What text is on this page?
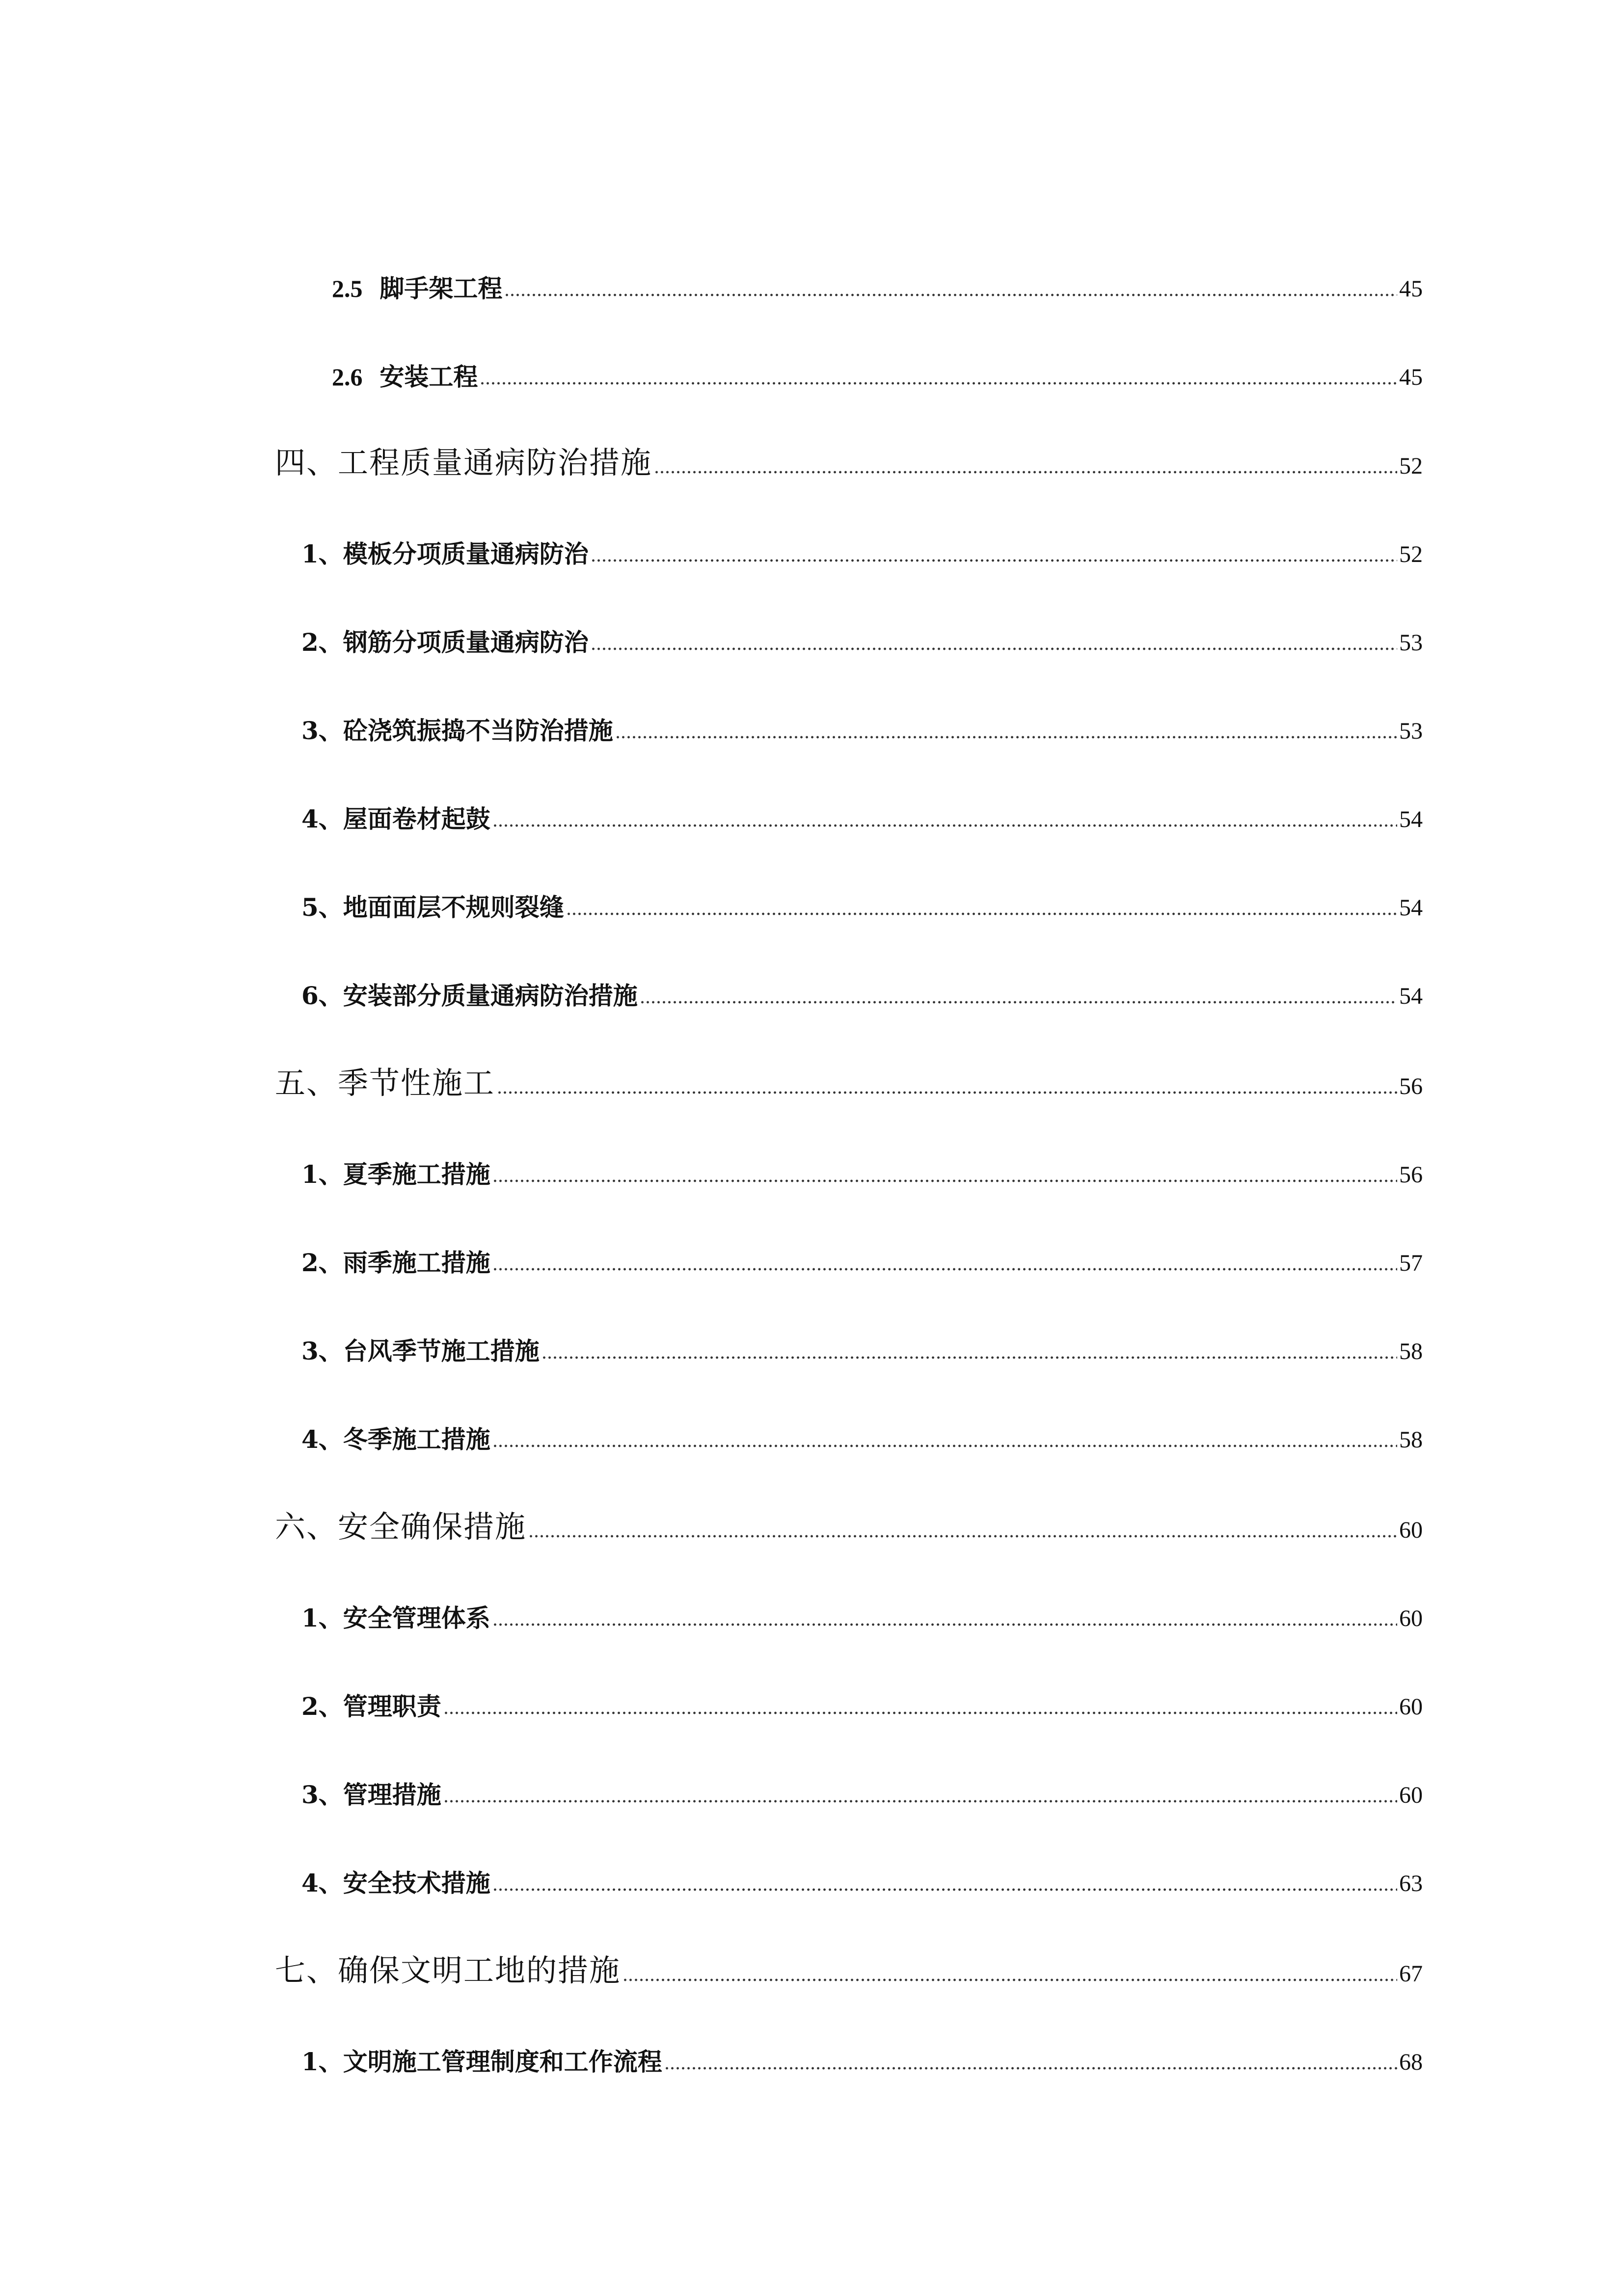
2.5 脚手架工程	45
2.6 安装工程	45
四、工程质量通病防治措施	52
1、模板分项质量通病防治	52
2、钢筋分项质量通病防治	53
3、砼浇筑振捣不当防治措施	53
4、屋面卷材起鼓	54
5、地面面层不规则裂缝	54
6、安装部分质量通病防治措施	54
五、季节性施工	56
1、夏季施工措施	56
2、雨季施工措施	57
3、台风季节施工措施	58
4、冬季施工措施	58
六、安全确保措施	60
1、安全管理体系	60
2、管理职责	60
3、管理措施	60
4、安全技术措施	63
七、确保文明工地的措施	67
1、文明施工管理制度和工作流程	68
